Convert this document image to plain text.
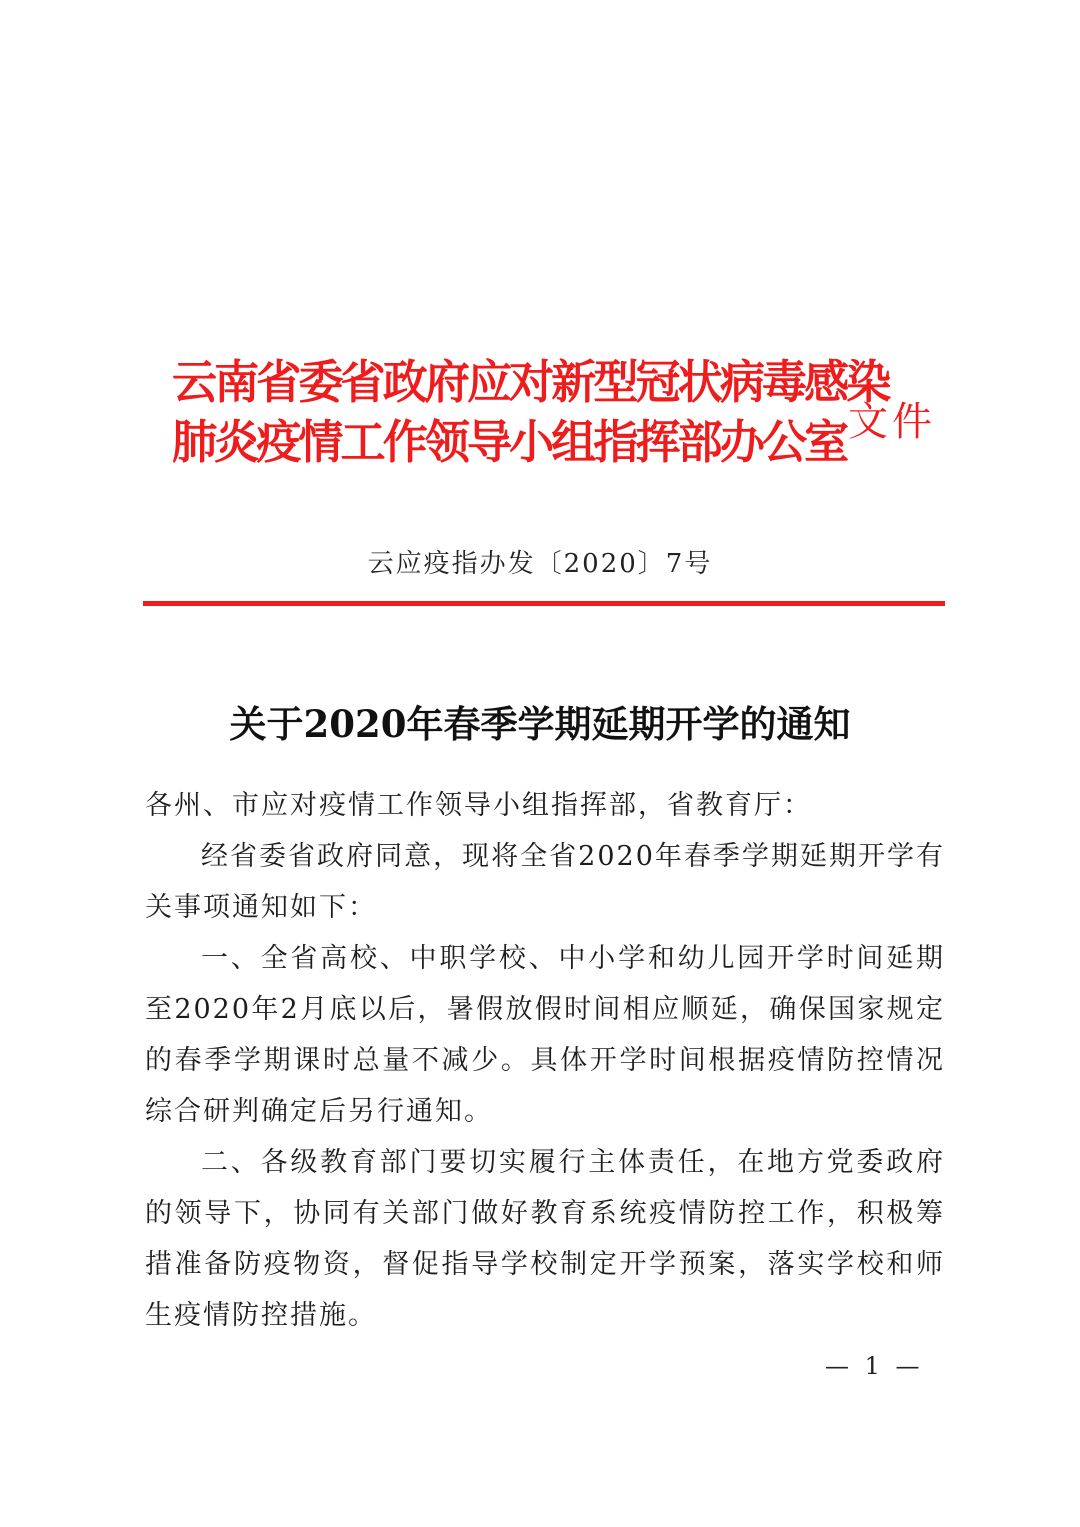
云南省委省政府应对新型冠状病毒感染
肺炎疫情工作领导小组指挥部办公室 文件
云应疫指办发〔2020〕7号
关于2020年春季学期延期开学的通知

各州、市应对疫情工作领导小组指挥部，省教育厅：

经省委省政府同意，现将全省2020年春季学期延期开学有关事项通知如下：

一、全省高校、中职学校、中小学和幼儿园开学时间延期至2020年2月底以后，暑假放假时间相应顺延，确保国家规定的春季学期课时总量不减少。具体开学时间根据疫情防控情况综合研判确定后另行通知。

二、各级教育部门要切实履行主体责任，在地方党委政府的领导下，协同有关部门做好教育系统疫情防控工作，积极筹措准备防疫物资，督促指导学校制定开学预案，落实学校和师生疫情防控措施。

— 1 —
